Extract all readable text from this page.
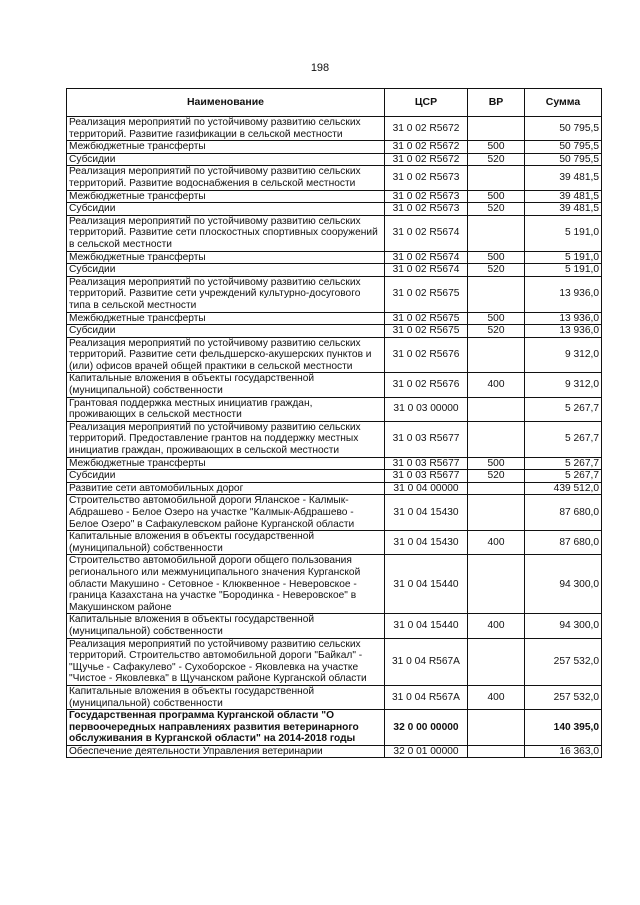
198
Наименование	ЦСР	ВР	Сумма
Реализация мероприятий по устойчивому развитию сельских территорий. Развитие газификации в сельской местности	31 0 02 R5672		50 795,5
Межбюджетные трансферты	31 0 02 R5672	500	50 795,5
Субсидии	31 0 02 R5672	520	50 795,5
Реализация мероприятий по устойчивому развитию сельских территорий. Развитие водоснабжения в сельской местности	31 0 02 R5673		39 481,5
Межбюджетные трансферты	31 0 02 R5673	500	39 481,5
Субсидии	31 0 02 R5673	520	39 481,5
Реализация мероприятий по устойчивому развитию сельских территорий. Развитие сети плоскостных спортивных сооружений в сельской местности	31 0 02 R5674		5 191,0
Межбюджетные трансферты	31 0 02 R5674	500	5 191,0
Субсидии	31 0 02 R5674	520	5 191,0
Реализация мероприятий по устойчивому развитию сельских территорий. Развитие сети учреждений культурно-досугового типа в сельской местности	31 0 02 R5675		13 936,0
Межбюджетные трансферты	31 0 02 R5675	500	13 936,0
Субсидии	31 0 02 R5675	520	13 936,0
Реализация мероприятий по устойчивому развитию сельских территорий. Развитие сети фельдшерско-акушерских пунктов и (или) офисов врачей общей практики в сельской местности	31 0 02 R5676		9 312,0
Капитальные вложения в объекты государственной (муниципальной) собственности	31 0 02 R5676	400	9 312,0
Грантовая поддержка местных инициатив граждан, проживающих в сельской местности	31 0 03 00000		5 267,7
Реализация мероприятий по устойчивому развитию сельских территорий. Предоставление грантов на поддержку местных инициатив граждан, проживающих в сельской местности	31 0 03 R5677		5 267,7
Межбюджетные трансферты	31 0 03 R5677	500	5 267,7
Субсидии	31 0 03 R5677	520	5 267,7
Развитие сети автомобильных дорог	31 0 04 00000		439 512,0
Строительство автомобильной дороги Яланское - Калмык-Абдрашево - Белое Озеро на участке "Калмык-Абдрашево - Белое Озеро" в Сафакулевском районе Курганской области	31 0 04 15430		87 680,0
Капитальные вложения в объекты государственной (муниципальной) собственности	31 0 04 15430	400	87 680,0
Строительство автомобильной дороги общего пользования регионального или межмуниципального значения Курганской области Макушино - Сетовное - Клюквенное - Неверовское - граница Казахстана на участке "Бородинка - Неверовское" в Макушинском районе	31 0 04 15440		94 300,0
Капитальные вложения в объекты государственной (муниципальной) собственности	31 0 04 15440	400	94 300,0
Реализация мероприятий по устойчивому развитию сельских территорий. Строительство автомобильной дороги "Байкал" - "Щучье - Сафакулево" - Сухоборское - Яковлевка на участке "Чистое - Яковлевка" в Щучанском районе Курганской области	31 0 04 R567A		257 532,0
Капитальные вложения в объекты государственной (муниципальной) собственности	31 0 04 R567A	400	257 532,0
Государственная программа Курганской области "О первоочередных направлениях развития ветеринарного обслуживания в Курганской области" на 2014-2018 годы	32 0 00 00000		140 395,0
Обеспечение деятельности Управления ветеринарии	32 0 01 00000		16 363,0
